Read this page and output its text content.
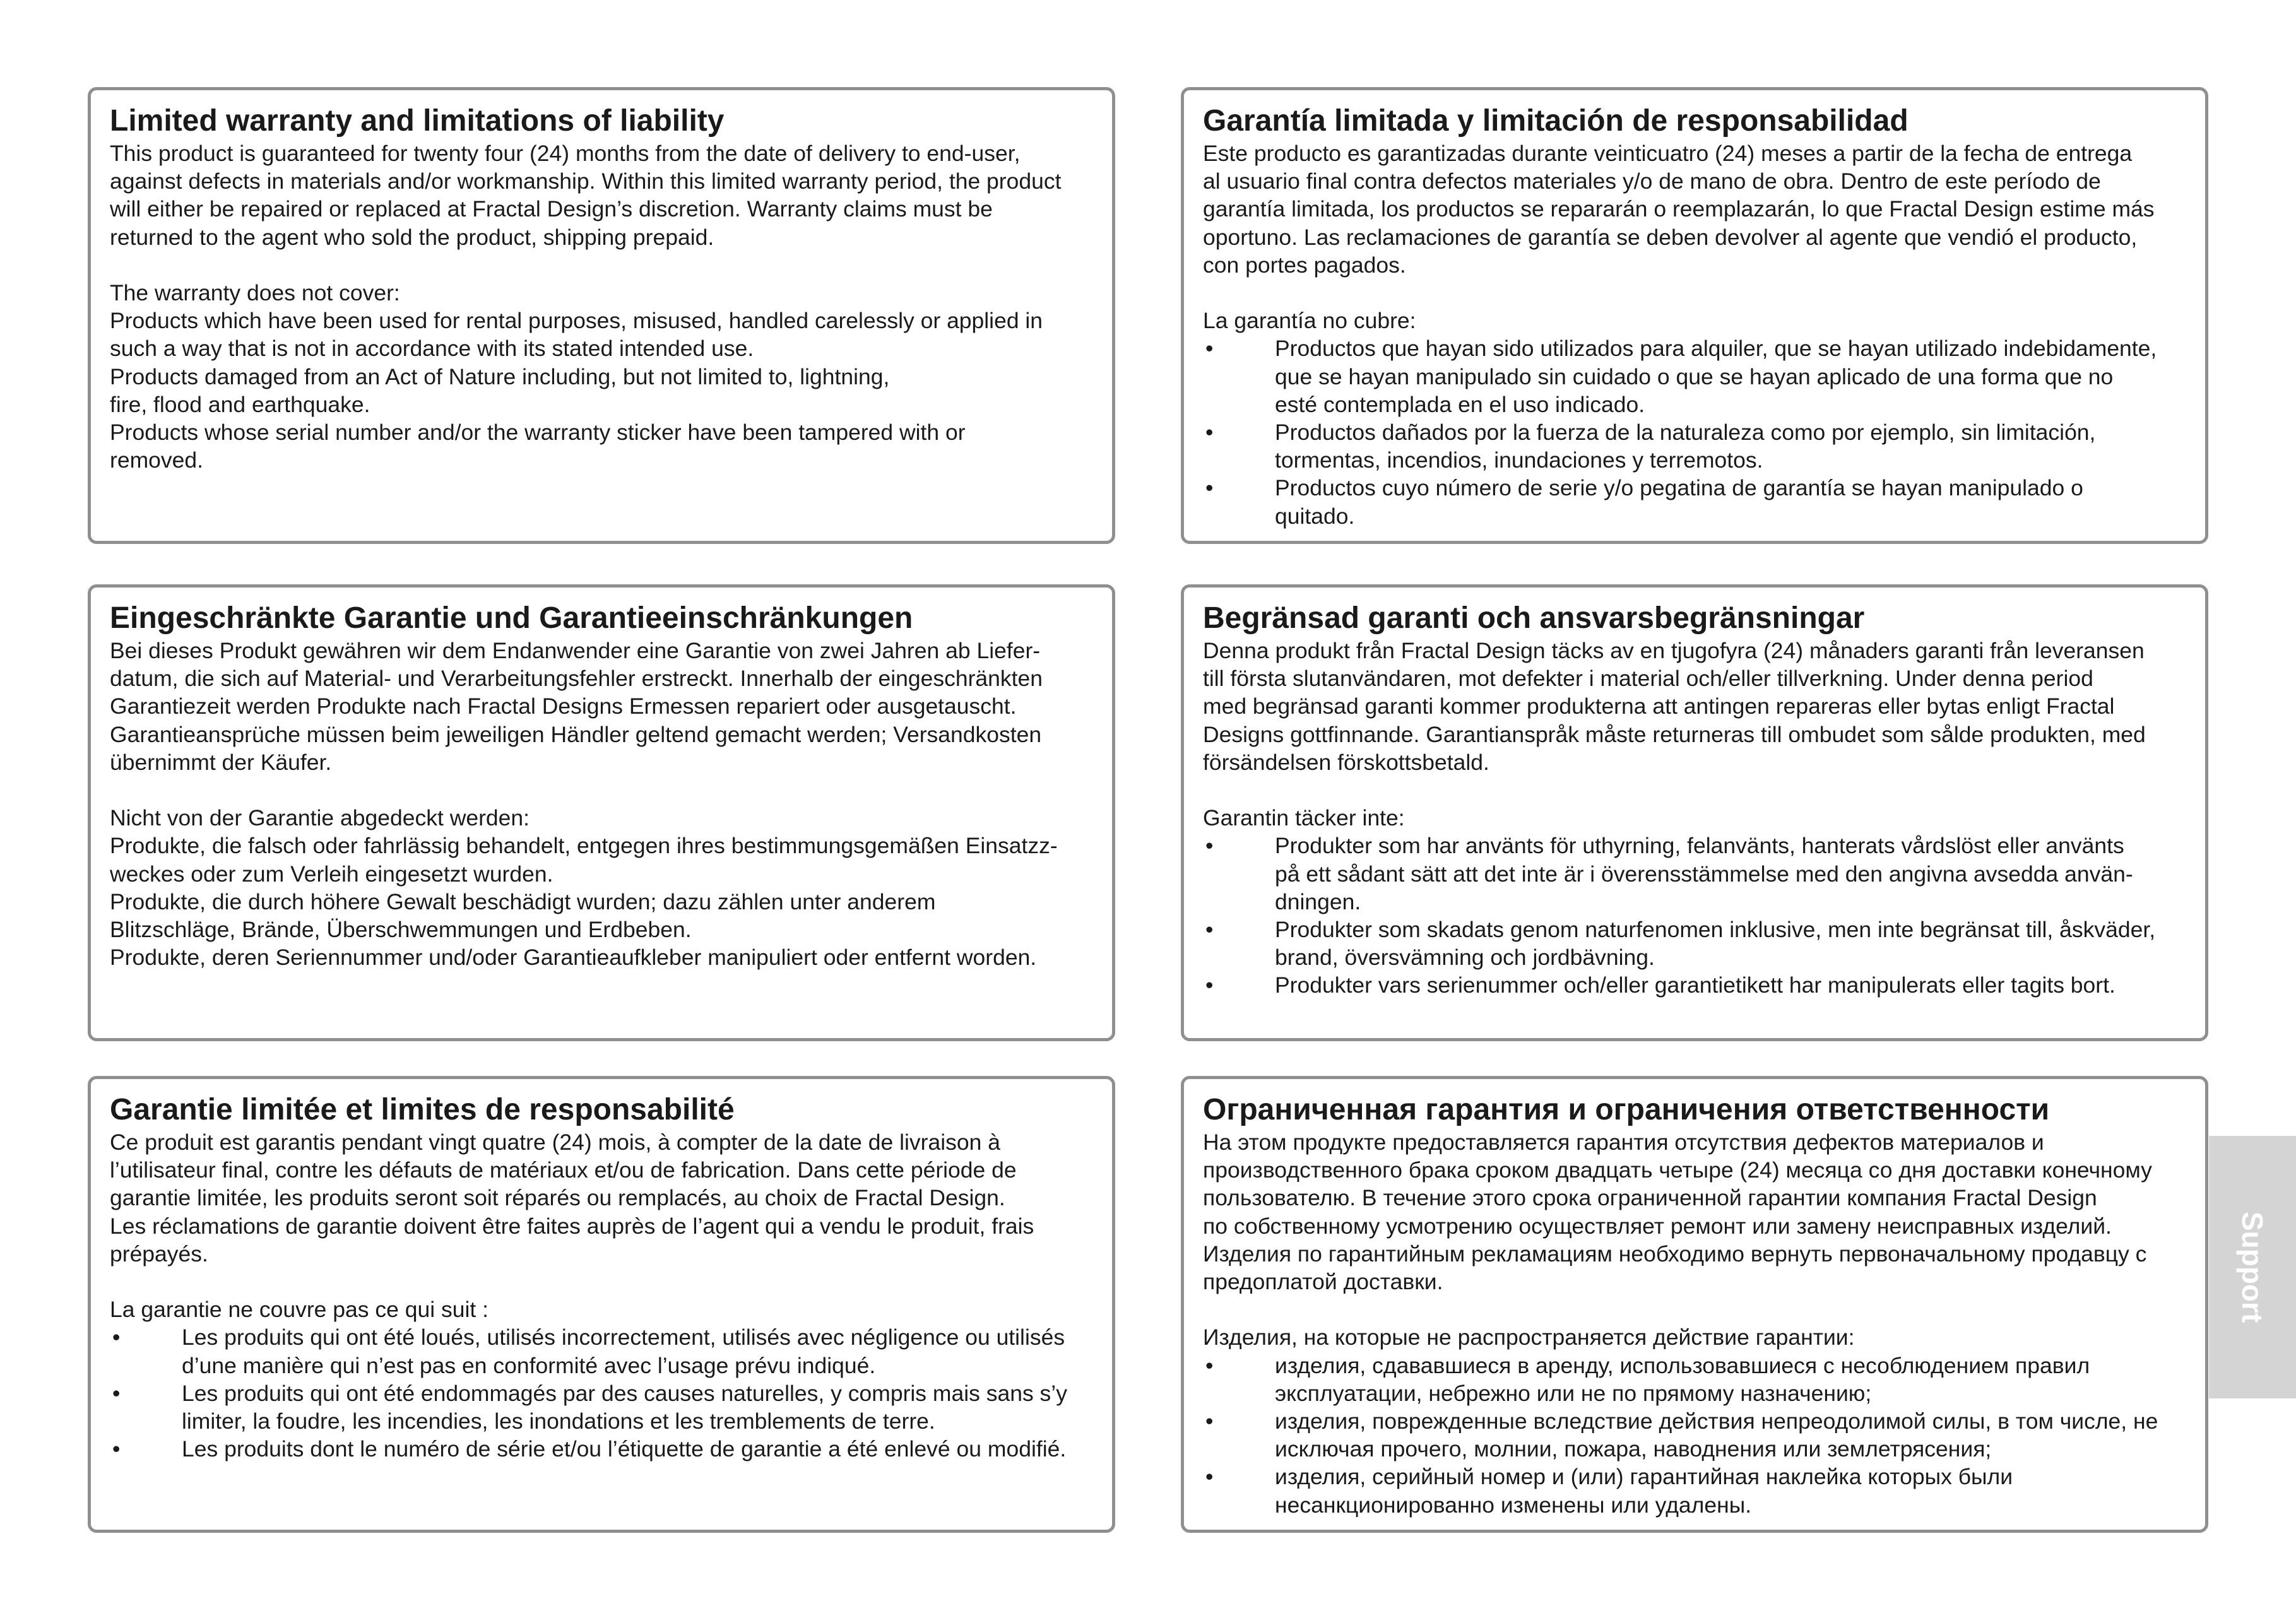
Limited warranty and limitations of liability

This product is guaranteed for twenty four (24) months from the date of delivery to end-user,

against defects in materials and/or workmanship. Within this limited warranty period, the product

will either be repaired or replaced at Fractal Design’s discretion. Warranty claims must be

returned to the agent who sold the product, shipping prepaid.

The warranty does not cover:

Products which have been used for rental purposes, misused, handled carelessly or applied in

such a way that is not in accordance with its stated intended use.

Products damaged from an Act of Nature including, but not limited to, lightning,

fire, flood and earthquake.

Products whose serial number and/or the warranty sticker have been tampered with or

removed.

Garantía limitada y limitación de responsabilidad

Este producto es garantizadas durante veinticuatro (24) meses a partir de la fecha de entrega

al usuario final contra defectos materiales y/o de mano de obra. Dentro de este período de

garantía limitada, los productos se repararán o reemplazarán, lo que Fractal Design estime más

oportuno. Las reclamaciones de garantía se deben devolver al agente que vendió el producto,

con portes pagados.

La garantía no cubre:

•	Productos que hayan sido utilizados para alquiler, que se hayan utilizado indebidamente,

que se hayan manipulado sin cuidado o que se hayan aplicado de una forma que no

esté contemplada en el uso indicado.

•	Productos dañados por la fuerza de la naturaleza como por ejemplo, sin limitación,

tormentas, incendios, inundaciones y terremotos.

•	Productos cuyo número de serie y/o pegatina de garantía se hayan manipulado o

quitado.

Eingeschränkte Garantie und Garantieeinschränkungen

Bei dieses Produkt gewähren wir dem Endanwender eine Garantie von zwei Jahren ab Liefer-

datum, die sich auf Material- und Verarbeitungsfehler erstreckt. Innerhalb der eingeschränkten

Garantiezeit werden Produkte nach Fractal Designs Ermessen repariert oder ausgetauscht.

Garantieansprüche müssen beim jeweiligen Händler geltend gemacht werden; Versandkosten

übernimmt der Käufer.

Nicht von der Garantie abgedeckt werden:

Produkte, die falsch oder fahrlässig behandelt, entgegen ihres bestimmungsgemäßen Einsatzz-

weckes oder zum Verleih eingesetzt wurden.

Produkte, die durch höhere Gewalt beschädigt wurden; dazu zählen unter anderem

Blitzschläge, Brände, Überschwemmungen und Erdbeben.

Produkte, deren Seriennummer und/oder Garantieaufkleber manipuliert oder entfernt worden.

Begränsad garanti och ansvarsbegränsningar

Denna produkt från Fractal Design täcks av en tjugofyra (24) månaders garanti från leveransen

till första slutanvändaren, mot defekter i material och/eller tillverkning. Under denna period

med begränsad garanti kommer produkterna att antingen repareras eller bytas enligt Fractal

Designs gottfinnande. Garantianspråk måste returneras till ombudet som sålde produkten, med

försändelsen förskottsbetald.

Garantin täcker inte:

•	Produkter som har använts för uthyrning, felanvänts, hanterats vårdslöst eller använts

på ett sådant sätt att det inte är i överensstämmelse med den angivna avsedda använ-

dningen.

•	Produkter som skadats genom naturfenomen inklusive, men inte begränsat till, åskväder,

brand, översvämning och jordbävning.

•	Produkter vars serienummer och/eller garantietikett har manipulerats eller tagits bort.

Garantie limitée et limites de responsabilité

Ce produit est garantis pendant vingt quatre (24) mois, à compter de la date de livraison à

l’utilisateur final, contre les défauts de matériaux et/ou de fabrication. Dans cette période de

garantie limitée, les produits seront soit réparés ou remplacés, au choix de Fractal Design.

Les réclamations de garantie doivent être faites auprès de l’agent qui a vendu le produit, frais

prépayés.

La garantie ne couvre pas ce qui suit :

•	Les produits qui ont été loués, utilisés incorrectement, utilisés avec négligence ou utilisés

d’une manière qui n’est pas en conformité avec l’usage prévu indiqué.

•	Les produits qui ont été endommagés par des causes naturelles, y compris mais sans s’y

limiter, la foudre, les incendies, les inondations et les tremblements de terre.

•	Les produits dont le numéro de série et/ou l’étiquette de garantie a été enlevé ou modifié.

Ограниченная гарантия и ограничения ответственности

На этом продукте предоставляется гарантия отсутствия дефектов материалов и

производственного брака сроком двадцать четыре (24) месяца со дня доставки конечному

пользователю. В течение этого срока ограниченной гарантии компания Fractal Design

по собственному усмотрению осуществляет ремонт или замену неисправных изделий.

Изделия по гарантийным рекламациям необходимо вернуть первоначальному продавцу с

предоплатой доставки.

Изделия, на которые не распространяется действие гарантии:

•	изделия, сдававшиеся в аренду, использовавшиеся с несоблюдением правил

эксплуатации, небрежно или не по прямому назначению;

•	изделия, поврежденные вследствие действия непреодолимой силы, в том числе, не

исключая прочего, молнии, пожара, наводнения или землетрясения;

•	изделия, серийный номер и (или) гарантийная наклейка которых были

несанкционированно изменены или удалены.

Support
